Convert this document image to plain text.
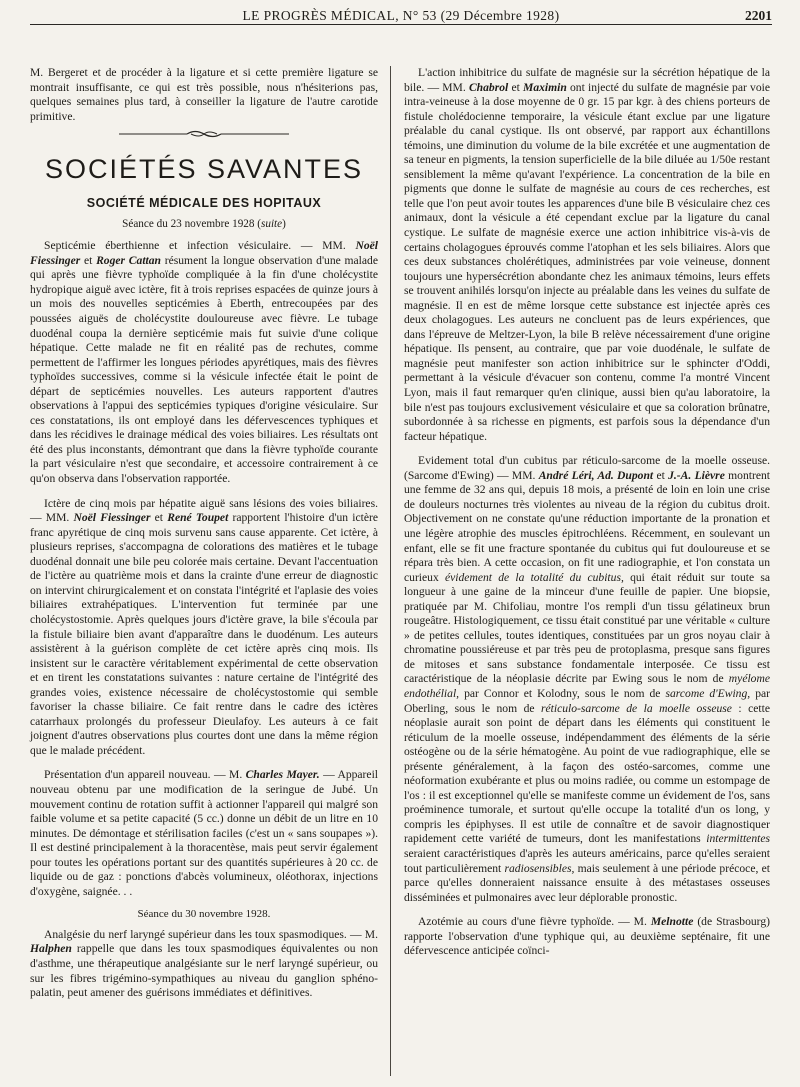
LE PROGRÈS MÉDICAL, N° 53 (29 Décembre 1928)	2201

M. Bergeret et de procéder à la ligature et si cette première ligature se montrait insuffisante, ce qui est très possible, nous n'hésiterions pas, quelques semaines plus tard, à conseiller la ligature de l'autre carotide primitive.

SOCIÉTÉS SAVANTES
SOCIÉTÉ MÉDICALE DES HOPITAUX
Séance du 23 novembre 1928 (suite)

Septicémie éberthienne et infection vésiculaire. — MM. Noël Fiessinger et Roger Cattan résument la longue observation d'une malade qui après une fièvre typhoïde compliquée à la fin d'une cholécystite hydropique aiguë avec ictère, fit à trois reprises espacées de quinze jours à un mois des nouvelles septicémies à Eberth, entrecoupées par des poussées aiguës de cholécystite douloureuse avec fièvre. Le tubage duodénal coupa la dernière septicémie mais fut suivie d'une colique hépatique. Cette malade ne fit en réalité pas de rechutes, comme permettent de l'affirmer les longues périodes apyrétiques, mais des fièvres typhoïdes successives, comme si la vésicule infectée était le point de départ de septicémies nouvelles. Les auteurs rapportent d'autres observations à l'appui des septicémies typiques d'origine vésiculaire. Sur ces constatations, ils ont employé dans les défervescences typhiques et dans les récidives le drainage médical des voies biliaires. Les résultats ont été des plus inconstants, démontrant que dans la fièvre typhoïde courante la part vésiculaire n'est que secondaire, et accessoire contrairement à ce qu'on observa dans l'observation rapportée.

Ictère de cinq mois par hépatite aiguë sans lésions des voies biliaires. — MM. Noël Fiessinger et René Toupet rapportent l'histoire d'un ictère franc apyrétique de cinq mois survenu sans cause apparente. Cet ictère, à plusieurs reprises, s'accompagna de colorations des matières et le tubage duodénal donnait une bile peu colorée mais certaine. Devant l'accentuation de l'ictère au quatrième mois et dans la crainte d'une erreur de diagnostic on intervint chirurgicalement et on constata l'intégrité et l'aplasie des voies biliaires extrahépatiques. L'intervention fut terminée par une cholécystostomie. Après quelques jours d'ictère grave, la bile s'écoula par la fistule biliaire bien avant d'apparaître dans le duodénum. Les auteurs assistèrent à la guérison complète de cet ictère après cinq mois. Ils insistent sur le caractère véritablement expérimental de cette observation et en tirent les constatations suivantes : nature certaine de l'intégrité des grandes voies, existence nécessaire de cholécystostomie qui semble favoriser la chasse biliaire. Ce fait rentre dans le cadre des ictères catarrhaux prolongés du professeur Dieulafoy. Les auteurs à ce fait joignent d'autres observations plus courtes dont une dans la même région que le malade précédent.

Présentation d'un appareil nouveau. — M. Charles Mayer. — Appareil nouveau obtenu par une modification de la seringue de Jubé. Un mouvement continu de rotation suffit à actionner l'appareil qui malgré son faible volume et sa petite capacité (5 cc.) donne un débit de un litre en 10 minutes. De démontage et stérilisation faciles (c'est un « sans soupapes »). Il est destiné principalement à la thoracentèse, mais peut servir également pour toutes les opérations portant sur des quantités supérieures à 20 cc. de liquide ou de gaz : ponctions d'abcès volumineux, oléothorax, injections d'oxygène, saignée. . .

Séance du 30 novembre 1928.

Analgésie du nerf laryngé supérieur dans les toux spasmodiques. — M. Halphen rappelle que dans les toux spasmodiques équivalentes ou non d'asthme, une thérapeutique analgésiante sur le nerf laryngé supérieur, ou sur les fibres trigémino-sympathiques au niveau du ganglion sphéno-palatin, peut amener des guérisons immédiates et définitives.

L'action inhibitrice du sulfate de magnésie sur la sécrétion hépatique de la bile. — MM. Chabrol et Maximin ont injecté du sulfate de magnésie par voie intra-veineuse à la dose moyenne de 0 gr. 15 par kgr. à des chiens porteurs de fistule cholédocienne temporaire, la vésicule étant exclue par une ligature préalable du canal cystique. Ils ont observé, par rapport aux échantillons témoins, une diminution du volume de la bile excrétée et une augmentation de sa teneur en pigments, la tension superficielle de la bile diluée au 1/50e restant sensiblement la même qu'avant l'expérience. La concentration de la bile en pigments que donne le sulfate de magnésie au cours de ces recherches, est telle que l'on peut avoir toutes les apparences d'une bile B vésiculaire chez ces animaux, dont la vésicule a été cependant exclue par la ligature du canal cystique. Le sulfate de magnésie exerce une action inhibitrice vis-à-vis de certains cholagogues éprouvés comme l'atophan et les sels biliaires. Alors que ces deux substances cholérétiques, administrées par voie veineuse, donnent toujours une hypersécrétion abondante chez les animaux témoins, leurs effets se trouvent anihilés lorsqu'on injecte au préalable dans les veines du sulfate de magnésie. Il en est de même lorsque cette substance est injectée après ces deux cholagogues. Les auteurs ne concluent pas de leurs expériences, que dans l'épreuve de Meltzer-Lyon, la bile B relève nécessairement d'une origine hépatique. Ils pensent, au contraire, que par voie duodénale, le sulfate de magnésie peut manifester son action inhibitrice sur le sphincter d'Oddi, permettant à la vésicule d'évacuer son contenu, comme l'a montré Vincent Lyon, mais il faut remarquer qu'en clinique, aussi bien qu'au laboratoire, la bile n'est pas toujours exclusivement vésiculaire et que sa coloration brûnatre, subordonnée à sa richesse en pigments, est parfois sous la dépendance d'un facteur hépatique.

Evidement total d'un cubitus par réticulo-sarcome de la moelle osseuse. (Sarcome d'Ewing) — MM. André Léri, Ad. Dupont et J.-A. Lièvre montrent une femme de 32 ans qui, depuis 18 mois, a présenté de loin en loin une crise de douleurs nocturnes très violentes au niveau de la région du cubitus droit. Objectivement on ne constate qu'une réduction importante de la pronation et une légère atrophie des muscles épitrochléens. Récemment, en soulevant un enfant, elle se fit une fracture spontanée du cubitus qui fut douloureuse et se répara très bien. A cette occasion, on fit une radiographie, et l'on constata un curieux évidement de la totalité du cubitus, qui était réduit sur toute sa longueur à une gaine de la minceur d'une feuille de papier. Une biopsie, pratiquée par M. Chifoliau, montre l'os rempli d'un tissu gélatineux brun rougeâtre. Histologiquement, ce tissu était constitué par une véritable « culture » de petites cellules, toutes identiques, constituées par un gros noyau clair à chromatine poussiéreuse et par très peu de protoplasma, presque sans figures de mitoses et sans substance fondamentale interposée. Ce tissu est caractéristique de la néoplasie décrite par Ewing sous le nom de myélome endothélial, par Connor et Kolodny, sous le nom de sarcome d'Ewing, par Oberling, sous le nom de réticulo-sarcome de la moelle osseuse : cette néoplasie aurait son point de départ dans les éléments qui constituent le réticulum de la moelle osseuse, indépendamment des éléments de la série ostéogène ou de la série hématogène. Au point de vue radiographique, elle se présente généralement, à la façon des ostéo-sarcomes, comme une néoformation exubérante et plus ou moins radiée, ou comme un estompage de l'os : il est exceptionnel qu'elle se manifeste comme un évidement de l'os, sans proéminence tumorale, et surtout qu'elle occupe la totalité d'un os long, y compris les épiphyses. Il est utile de connaître et de savoir diagnostiquer rapidement cette variété de tumeurs, dont les manifestations intermittentes seraient caractéristiques d'après les auteurs américains, parce qu'elles seraient tout particulièrement radiosensibles, mais seulement à une période précoce, et parce qu'elles donneraient naissance ensuite à des métastases osseuses disséminées et pulmonaires avec leur déplorable pronostic.

Azotémie au cours d'une fièvre typhoïde. — M. Melnotte (de Strasbourg) rapporte l'observation d'une typhique qui, au deuxième septénaire, fit une défervescence anticipée coïnci-
